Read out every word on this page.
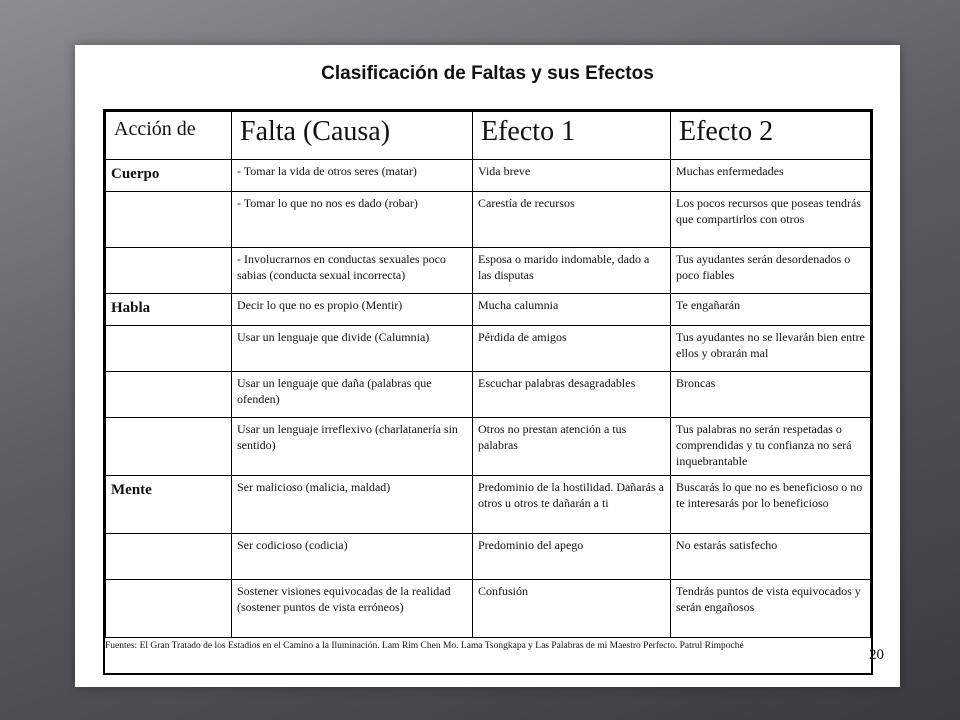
Clasificación de Faltas y sus Efectos
Acción de	Falta (Causa)	Efecto 1	Efecto 2
Cuerpo	- Tomar la vida de otros seres (matar)	Vida breve	Muchas enfermedades
	- Tomar lo que no nos es dado (robar)	Carestía de recursos	Los pocos recursos que poseas tendrás que compartirlos con otros
	- Involucrarnos en conductas sexuales poco sabias (conducta sexual incorrecta)	Esposa o marido indomable, dado a las disputas	Tus ayudantes serán desordenados o poco fiables
Habla	Decir lo que no es propio (Mentir)	Mucha calumnia	Te engañarán
	Usar un lenguaje que divide (Calumnia)	Pérdida de amigos	Tus ayudantes no se llevarán bien entre ellos y obrarán mal
	Usar un lenguaje que daña (palabras que ofenden)	Escuchar palabras desagradables	Broncas
	Usar un lenguaje irreflexivo (charlatanería sin sentido)	Otros no prestan atención a tus palabras	Tus palabras no serán respetadas o comprendidas y tu confianza no será inquebrantable
Mente	Ser malicioso (malicia, maldad)	Predominio de la hostilidad. Dañarás a otros u otros te dañarán a ti	Buscarás lo que no es beneficioso o no te interesarás por lo beneficioso
	Ser codicioso (codicia)	Predominio del apego	No estarás satisfecho
	Sostener visiones equivocadas de la realidad (sostener puntos de vista erróneos)	Confusión	Tendrás puntos de vista equivocados y serán engañosos
Fuentes: El Gran Tratado de los Estadios en el Camino a la Iluminación. Lam Rim Chen Mo. Lama Tsongkapa y Las Palabras de mi Maestro Perfecto. Patrul Rimpoché
20
